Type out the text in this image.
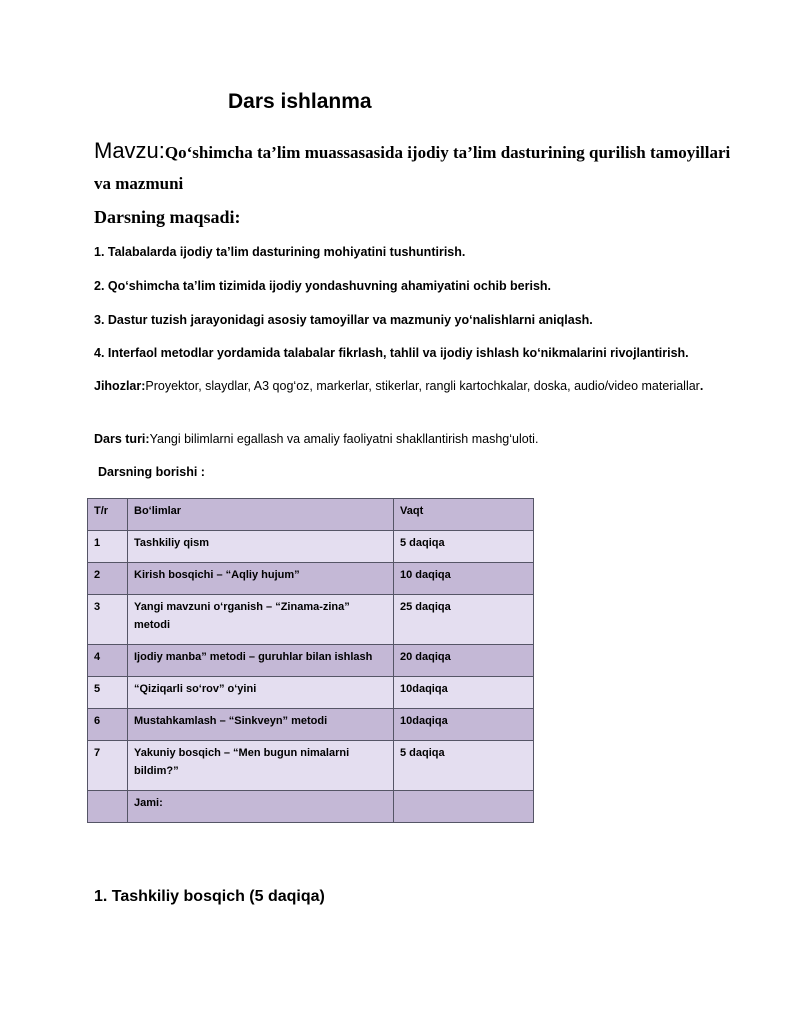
Dars ishlanma

Mavzu:Qo‘shimcha ta’lim muassasasida ijodiy ta’lim dasturining qurilish tamoyillari va mazmuni

Darsning maqsadi:

1. Talabalarda ijodiy ta’lim dasturining mohiyatini tushuntirish.

2. Qo‘shimcha ta’lim tizimida ijodiy yondashuvning ahamiyatini ochib berish.

3. Dastur tuzish jarayonidagi asosiy tamoyillar va mazmuniy yo‘nalishlarni aniqlash.

4. Interfaol metodlar yordamida talabalar fikrlash, tahlil va ijodiy ishlash ko‘nikmalarini rivojlantirish.

Jihozlar:Proyektor, slaydlar, A3 qog‘oz, markerlar, stikerlar, rangli kartochkalar, doska, audio/video materiallar.

Dars turi:Yangi bilimlarni egallash va amaliy faoliyatni shakllantirish mashg‘uloti.

Darsning borishi :

T/r	Bo‘limlar	Vaqt
1	Tashkiliy qism	5 daqiqa
2	Kirish bosqichi – “Aqliy hujum”	10 daqiqa
3	Yangi mavzuni o‘rganish – “Zinama-zina” metodi	25 daqiqa
4	Ijodiy manba” metodi – guruhlar bilan ishlash	20 daqiqa
5	“Qiziqarli so‘rov” o‘yini	10daqiqa
6	Mustahkamlash – “Sinkveyn” metodi	10daqiqa
7	Yakuniy bosqich – “Men bugun nimalarni bildim?”	5 daqiqa
	Jami:	
1. Tashkiliy bosqich (5 daqiqa)
